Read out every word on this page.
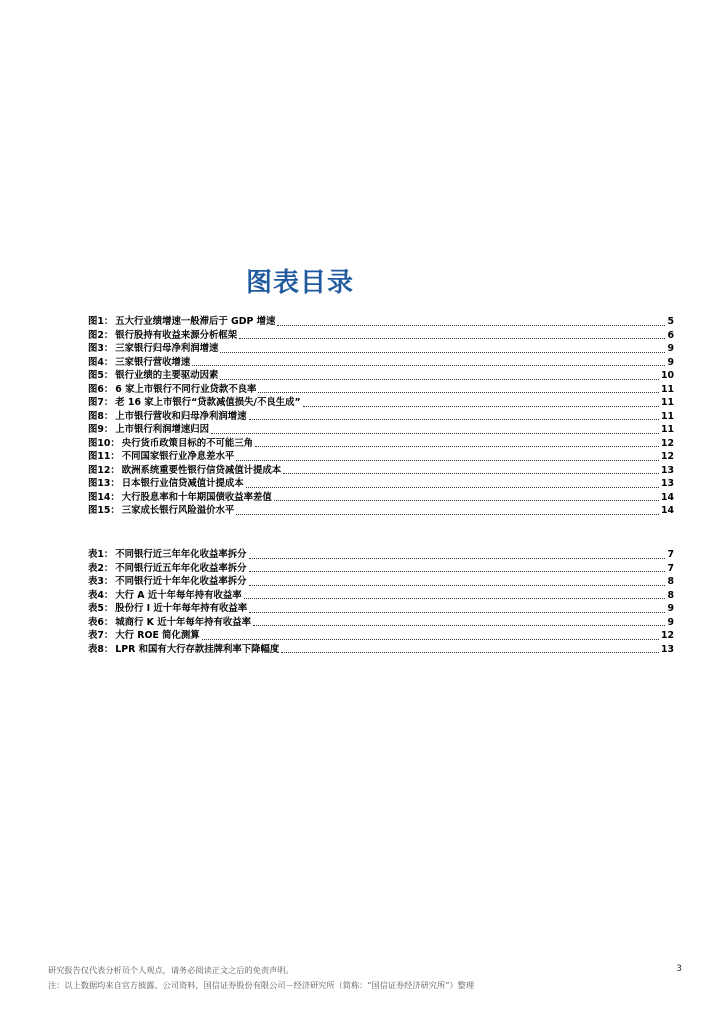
图表目录
图1： 五大行业绩增速一般滞后于 GDP 增速	5
图2： 银行股持有收益来源分析框架	6
图3： 三家银行归母净利润增速	9
图4： 三家银行营收增速	9
图5： 银行业绩的主要驱动因素	10
图6： 6 家上市银行不同行业贷款不良率	11
图7： 老 16 家上市银行“贷款减值损失/不良生成”	11
图8： 上市银行营收和归母净利润增速	11
图9： 上市银行利润增速归因	11
图10： 央行货币政策目标的不可能三角	12
图11： 不同国家银行业净息差水平	12
图12： 欧洲系统重要性银行信贷减值计提成本	13
图13： 日本银行业信贷减值计提成本	13
图14： 大行股息率和十年期国债收益率差值	14
图15： 三家成长银行风险溢价水平	14
表1： 不同银行近三年年化收益率拆分	7
表2： 不同银行近五年年化收益率拆分	7
表3： 不同银行近十年年化收益率拆分	8
表4： 大行 A 近十年每年持有收益率	8
表5： 股份行 I 近十年每年持有收益率	9
表6： 城商行 K 近十年每年持有收益率	9
表7： 大行 ROE 简化测算	12
表8： LPR 和国有大行存款挂牌利率下降幅度	13
研究报告仅代表分析员个人观点，请务必阅读正文之后的免责声明。
注：以上数据均来自官方披露、公司资料，国信证券股份有限公司－经济研究所（简称：“国信证券经济研究所”）整理
3
